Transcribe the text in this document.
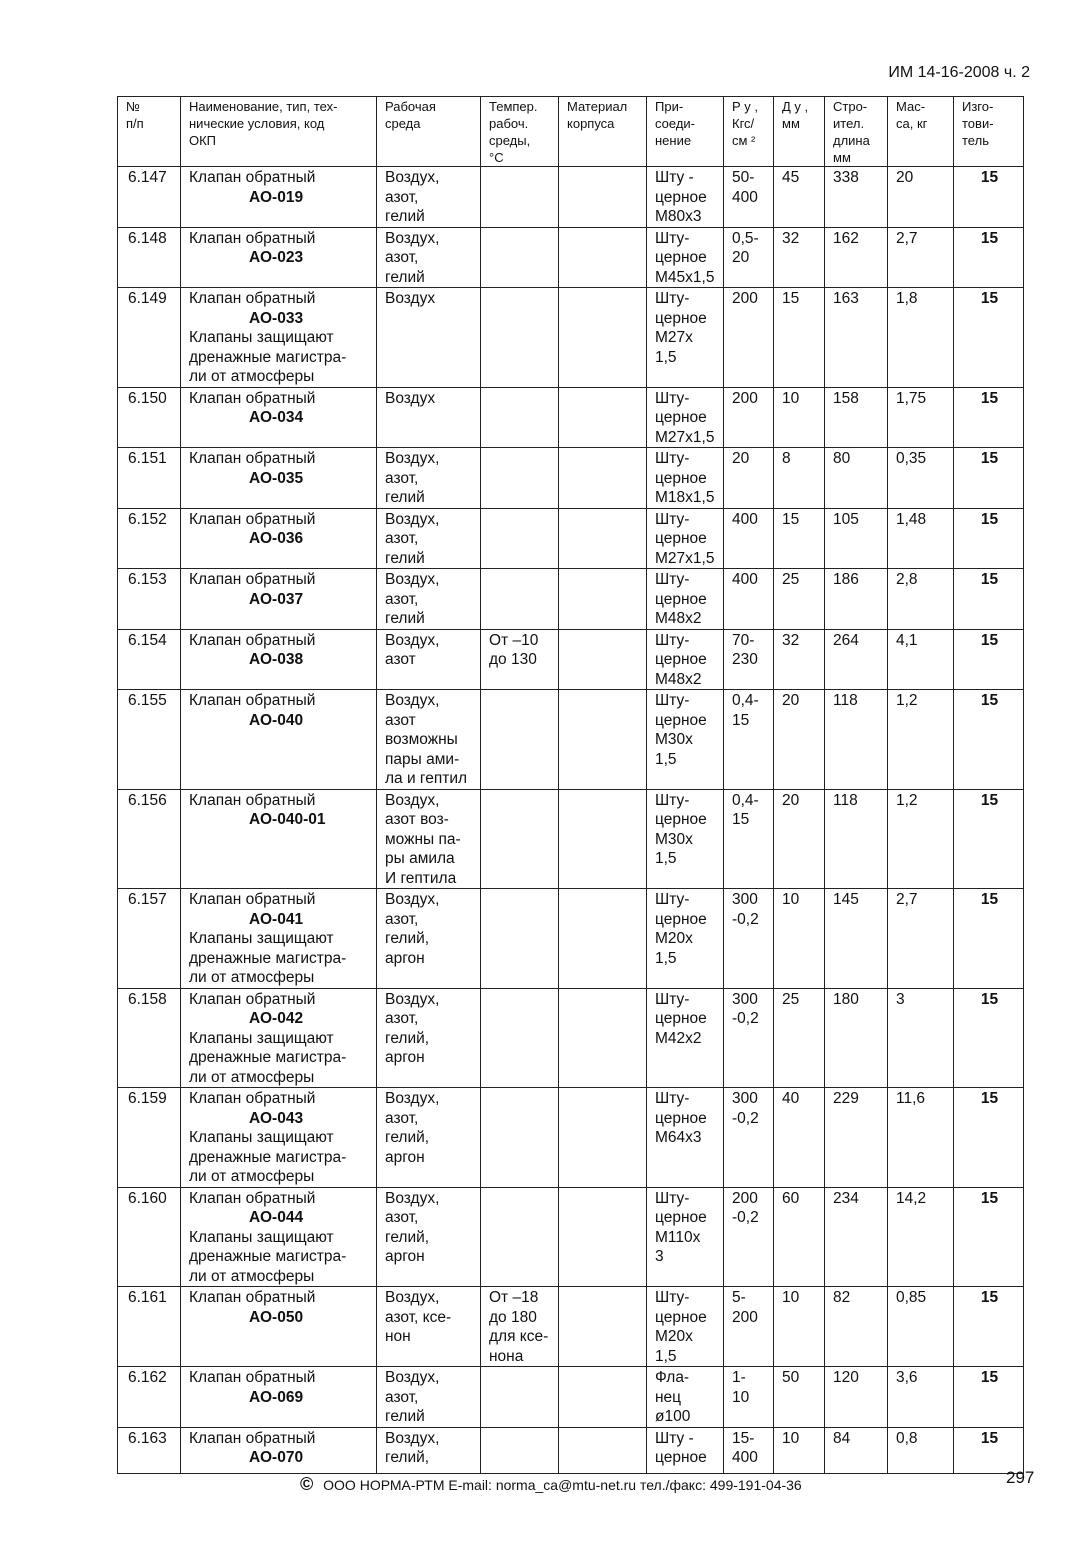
ИМ 14-16-2008 ч. 2
№
п/п	Наименование, тип, тех-
нические условия, код
ОКП	Рабочая
среда	Темпер.
рабоч.
среды,
°С	Материал
корпуса	При-
соеди-
нение	Р у ,
Кгс/
см ²	Д у ,
мм	Стро-
ител.
длина
мм	Мас-
са, кг	Изго-
тови-
тель
6.147	Клапан обратный
АО-019	Воздух,
азот,
гелий			Шту -
церное
М80х3	50-
400	45	338	20	15
6.148	Клапан обратный
АО-023	Воздух,
азот,
гелий			Шту-
церное
М45х1,5	0,5-
20	32	162	2,7	15
6.149	Клапан обратный
АО-033
Клапаны защищают
дренажные магистра-
ли от атмосферы	Воздух			Шту-
церное
М27х
1,5	200	15	163	1,8	15
6.150	Клапан обратный
АО-034	Воздух			Шту-
церное
М27х1,5	200	10	158	1,75	15
6.151	Клапан обратный
АО-035	Воздух,
азот,
гелий			Шту-
церное
М18х1,5	20	8	80	0,35	15
6.152	Клапан обратный
АО-036	Воздух,
азот,
гелий			Шту-
церное
М27х1,5	400	15	105	1,48	15
6.153	Клапан обратный
АО-037	Воздух,
азот,
гелий			Шту-
церное
М48х2	400	25	186	2,8	15
6.154	Клапан обратный
АО-038	Воздух,
азот	От –10
до 130		Шту-
церное
М48х2	70-
230	32	264	4,1	15
6.155	Клапан обратный
АО-040	Воздух,
азот
возможны
пары ами-
ла и гептил			Шту-
церное
М30х
1,5	0,4-
15	20	118	1,2	15
6.156	Клапан обратный
АО-040-01	Воздух,
азот воз-
можны па-
ры амила
И гептила			Шту-
церное
М30х
1,5	0,4-
15	20	118	1,2	15
6.157	Клапан обратный
АО-041
Клапаны защищают
дренажные магистра-
ли от атмосферы	Воздух,
азот,
гелий,
аргон			Шту-
церное
М20х
1,5	300
-0,2	10	145	2,7	15
6.158	Клапан обратный
АО-042
Клапаны защищают
дренажные магистра-
ли от атмосферы	Воздух,
азот,
гелий,
аргон			Шту-
церное
М42х2	300
-0,2	25	180	3	15
6.159	Клапан обратный
АО-043
Клапаны защищают
дренажные магистра-
ли от атмосферы	Воздух,
азот,
гелий,
аргон			Шту-
церное
М64х3	300
-0,2	40	229	11,6	15
6.160	Клапан обратный
АО-044
Клапаны защищают
дренажные магистра-
ли от атмосферы	Воздух,
азот,
гелий,
аргон			Шту-
церное
М110х
3	200
-0,2	60	234	14,2	15
6.161	Клапан обратный
АО-050	Воздух,
азот, ксе-
нон	От –18
до 180
для ксе-
нона		Шту-
церное
М20х
1,5	5-
200	10	82	0,85	15
6.162	Клапан обратный
АО-069	Воздух,
азот,
гелий			Фла-
нец
ø100	1-
10	50	120	3,6	15
6.163	Клапан обратный
АО-070	Воздух,
гелий,			Шту -
церное	15-
400	10	84	0,8	15
© ООО НОРМА-РТМ E-mail: norma_ca@mtu-net.ru тел./факс: 499-191-04-36	297
